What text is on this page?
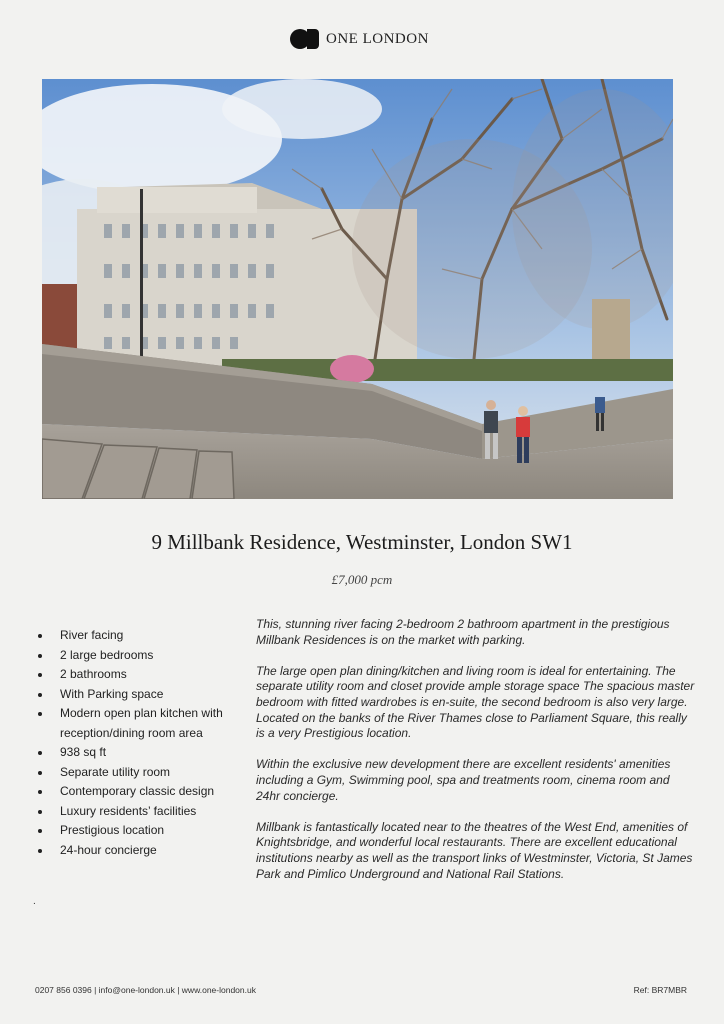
ONE LONDON
9 Millbank Residence, Westminster, London SW1
£7,000 pcm
River facing
2 large bedrooms
2 bathrooms
With Parking space
Modern open plan kitchen with reception/dining room area
938 sq ft
Separate utility room
Contemporary classic design
Luxury residents’ facilities
Prestigious location
24-hour concierge

This, stunning river facing 2-bedroom 2 bathroom apartment in the prestigious Millbank Residences is on the market with parking.

The large open plan dining/kitchen and living room is ideal for entertaining. The separate utility room and closet provide ample storage space The spacious master bedroom with fitted wardrobes is en-suite, the second bedroom is also very large. Located on the banks of the River Thames close to Parliament Square, this really is a very Prestigious location.

Within the exclusive new development there are excellent residents' amenities including a Gym, Swimming pool, spa and treatments room, cinema room and 24hr concierge.

Millbank is fantastically located near to the theatres of the West End, amenities of Knightsbridge, and wonderful local restaurants. There are excellent educational institutions nearby as well as the transport links of Westminster, Victoria, St James Park and Pimlico Underground and National Rail Stations.

.
0207 856 0396 | info@one-london.uk | www.one-london.uk	Ref: BR7MBR
